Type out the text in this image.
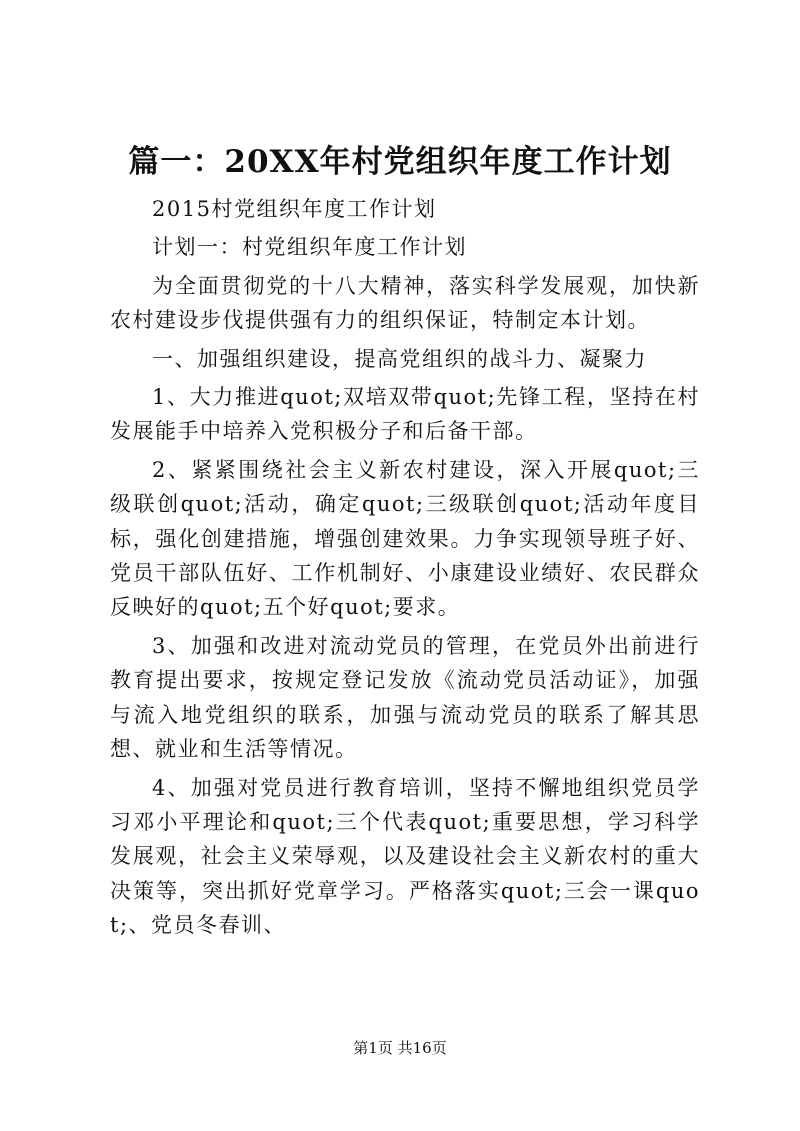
篇一：20XX年村党组织年度工作计划

2015村党组织年度工作计划

计划一：村党组织年度工作计划

为全面贯彻党的十八大精神，落实科学发展观，加快新农村建设步伐提供强有力的组织保证，特制定本计划。

一、加强组织建设，提高党组织的战斗力、凝聚力

1、大力推进quot;双培双带quot;先锋工程，坚持在村发展能手中培养入党积极分子和后备干部。

2、紧紧围绕社会主义新农村建设，深入开展quot;三级联创quot;活动，确定quot;三级联创quot;活动年度目标，强化创建措施，增强创建效果。力争实现领导班子好、党员干部队伍好、工作机制好、小康建设业绩好、农民群众反映好的quot;五个好quot;要求。

3、加强和改进对流动党员的管理，在党员外出前进行教育提出要求，按规定登记发放《流动党员活动证》，加强与流入地党组织的联系，加强与流动党员的联系了解其思想、就业和生活等情况。

4、加强对党员进行教育培训，坚持不懈地组织党员学习邓小平理论和quot;三个代表quot;重要思想，学习科学发展观，社会主义荣辱观，以及建设社会主义新农村的重大决策等，突出抓好党章学习。严格落实quot;三会一课quot;、党员冬春训、

第1页 共16页
